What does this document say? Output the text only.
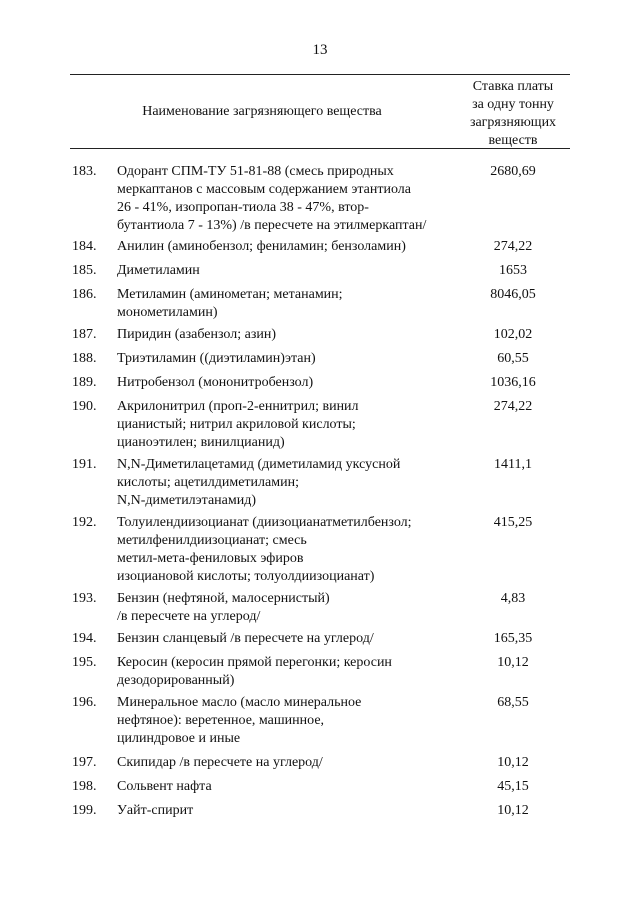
13
Наименование загрязняющего вещества
Ставка платы
за одну тонну
загрязняющих
веществ
183.	Одорант СПМ-ТУ 51-81-88 (смесь природных
меркаптанов с массовым содержанием этантиола
26 - 41%, изопропан-тиола 38 - 47%, втор-
бутантиола 7 - 13%) /в пересчете на этилмеркаптан/
2680,69
184.	Анилин (аминобензол; фениламин; бензоламин)	274,22
185.	Диметиламин	1653
186.	Метиламин (аминометан; метанамин;
монометиламин)
8046,05
187.	Пиридин (азабензол; азин)	102,02
188.	Триэтиламин ((диэтиламин)этан)	60,55
189.	Нитробензол (мононитробензол)	1036,16
190.	Акрилонитрил (проп-2-еннитрил; винил
цианистый; нитрил акриловой кислоты;
цианоэтилен; винилцианид)
274,22
191.	N,N-Диметилацетамид (диметиламид уксусной
кислоты; ацетилдиметиламин;
N,N-диметилэтанамид)
1411,1
192.	Толуилендиизоцианат (диизоцианатметилбензол;
метилфенилдиизоцианат; смесь
метил-мета-фениловых эфиров
изоциановой кислоты; толуолдиизоцианат)
415,25
193.	Бензин (нефтяной, малосернистый)
/в пересчете на углерод/
4,83
194.	Бензин сланцевый /в пересчете на углерод/	165,35
195.	Керосин (керосин прямой перегонки; керосин
дезодорированный)
10,12
196.	Минеральное масло (масло минеральное
нефтяное): веретенное, машинное,
цилиндровое и иные
68,55
197.	Скипидар /в пересчете на углерод/	10,12
198.	Сольвент нафта	45,15
199.	Уайт-спирит	10,12
